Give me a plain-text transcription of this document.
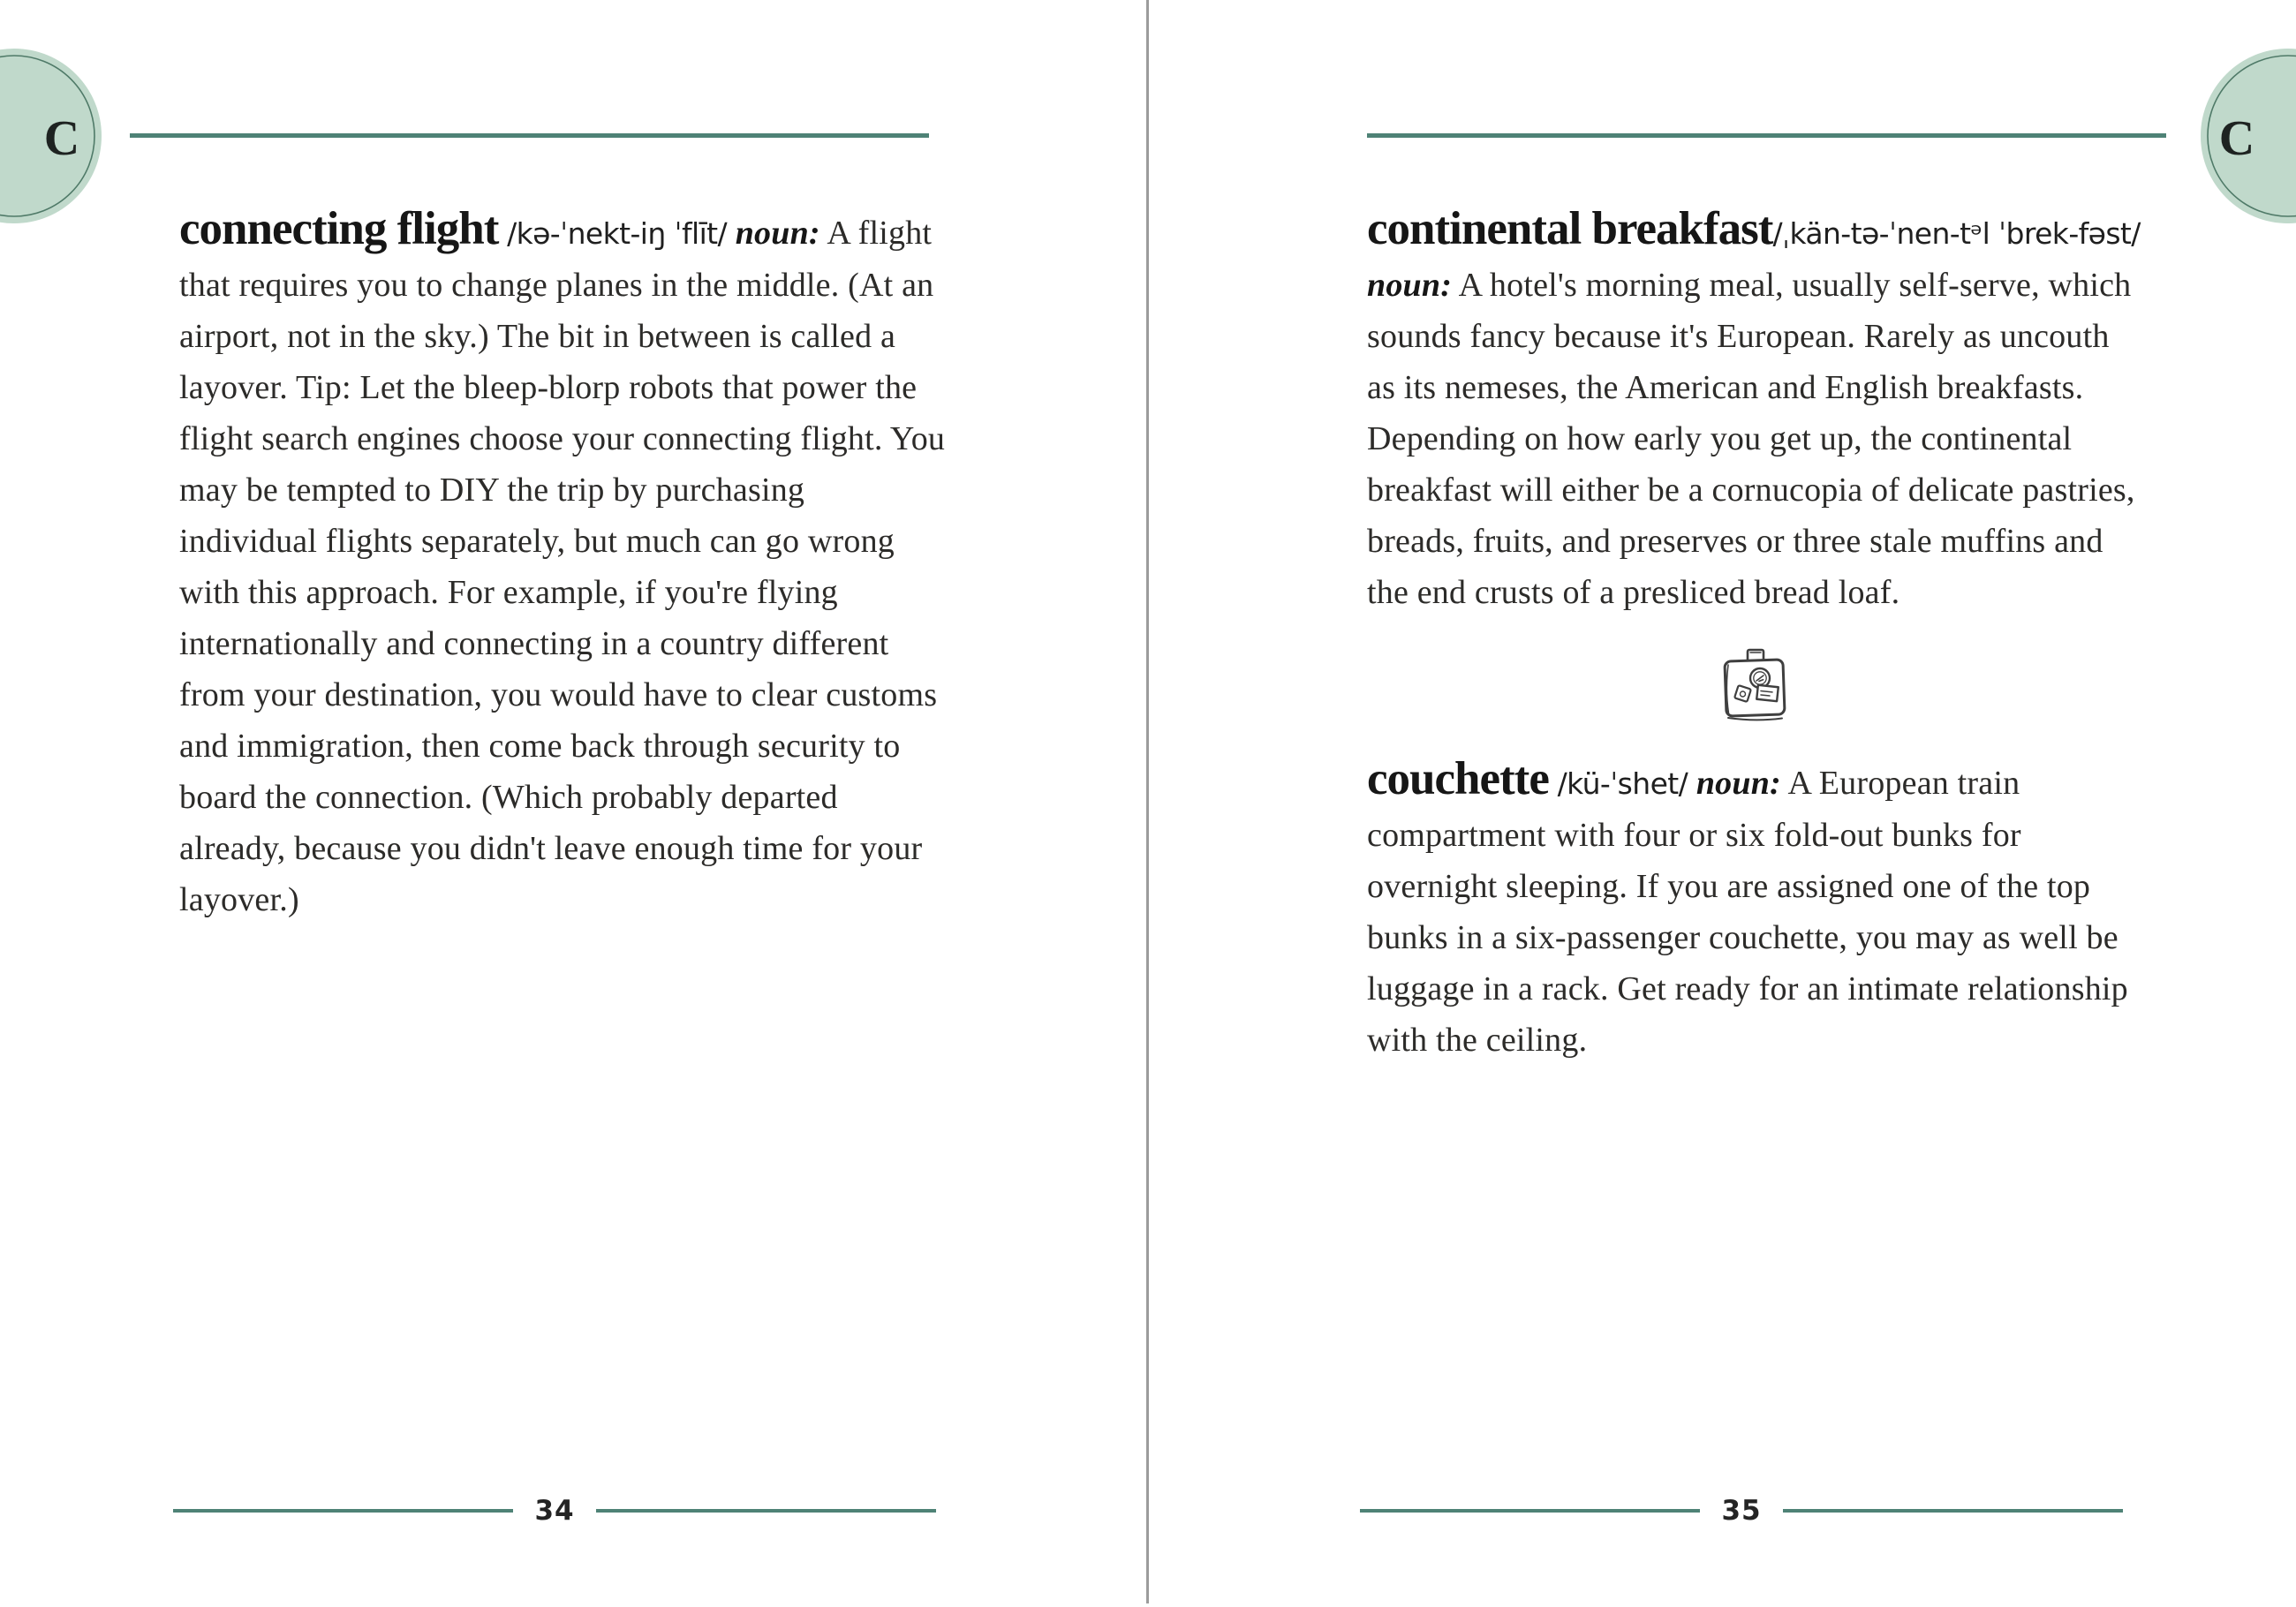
connecting flight /kə-ˈnekt-iŋ ˈflīt/ noun: A flight that requires you to change planes in the middle. (At an airport, not in the sky.) The bit in between is called a layover. Tip: Let the bleep-blorp robots that power the flight search engines choose your connecting flight. You may be tempted to DIY the trip by purchasing individual flights separately, but much can go wrong with this approach. For example, if you're flying internationally and connecting in a country different from your destination, you would have to clear customs and immigration, then come back through security to board the connection. (Which probably departed already, because you didn't leave enough time for your layover.)

34

continental breakfast/ˌkän-tə-ˈnen-tᵊl ˈbrek-fəst/ noun: A hotel's morning meal, usually self-serve, which sounds fancy because it's European. Rarely as uncouth as its nemeses, the American and English breakfasts. Depending on how early you get up, the continental breakfast will either be a cornucopia of delicate pastries, breads, fruits, and preserves or three stale muffins and the end crusts of a presliced bread loaf.

couchette /kü-ˈshet/ noun: A European train compartment with four or six fold-out bunks for overnight sleeping. If you are assigned one of the top bunks in a six-passenger couchette, you may as well be luggage in a rack. Get ready for an intimate relationship with the ceiling.

35
C	C
